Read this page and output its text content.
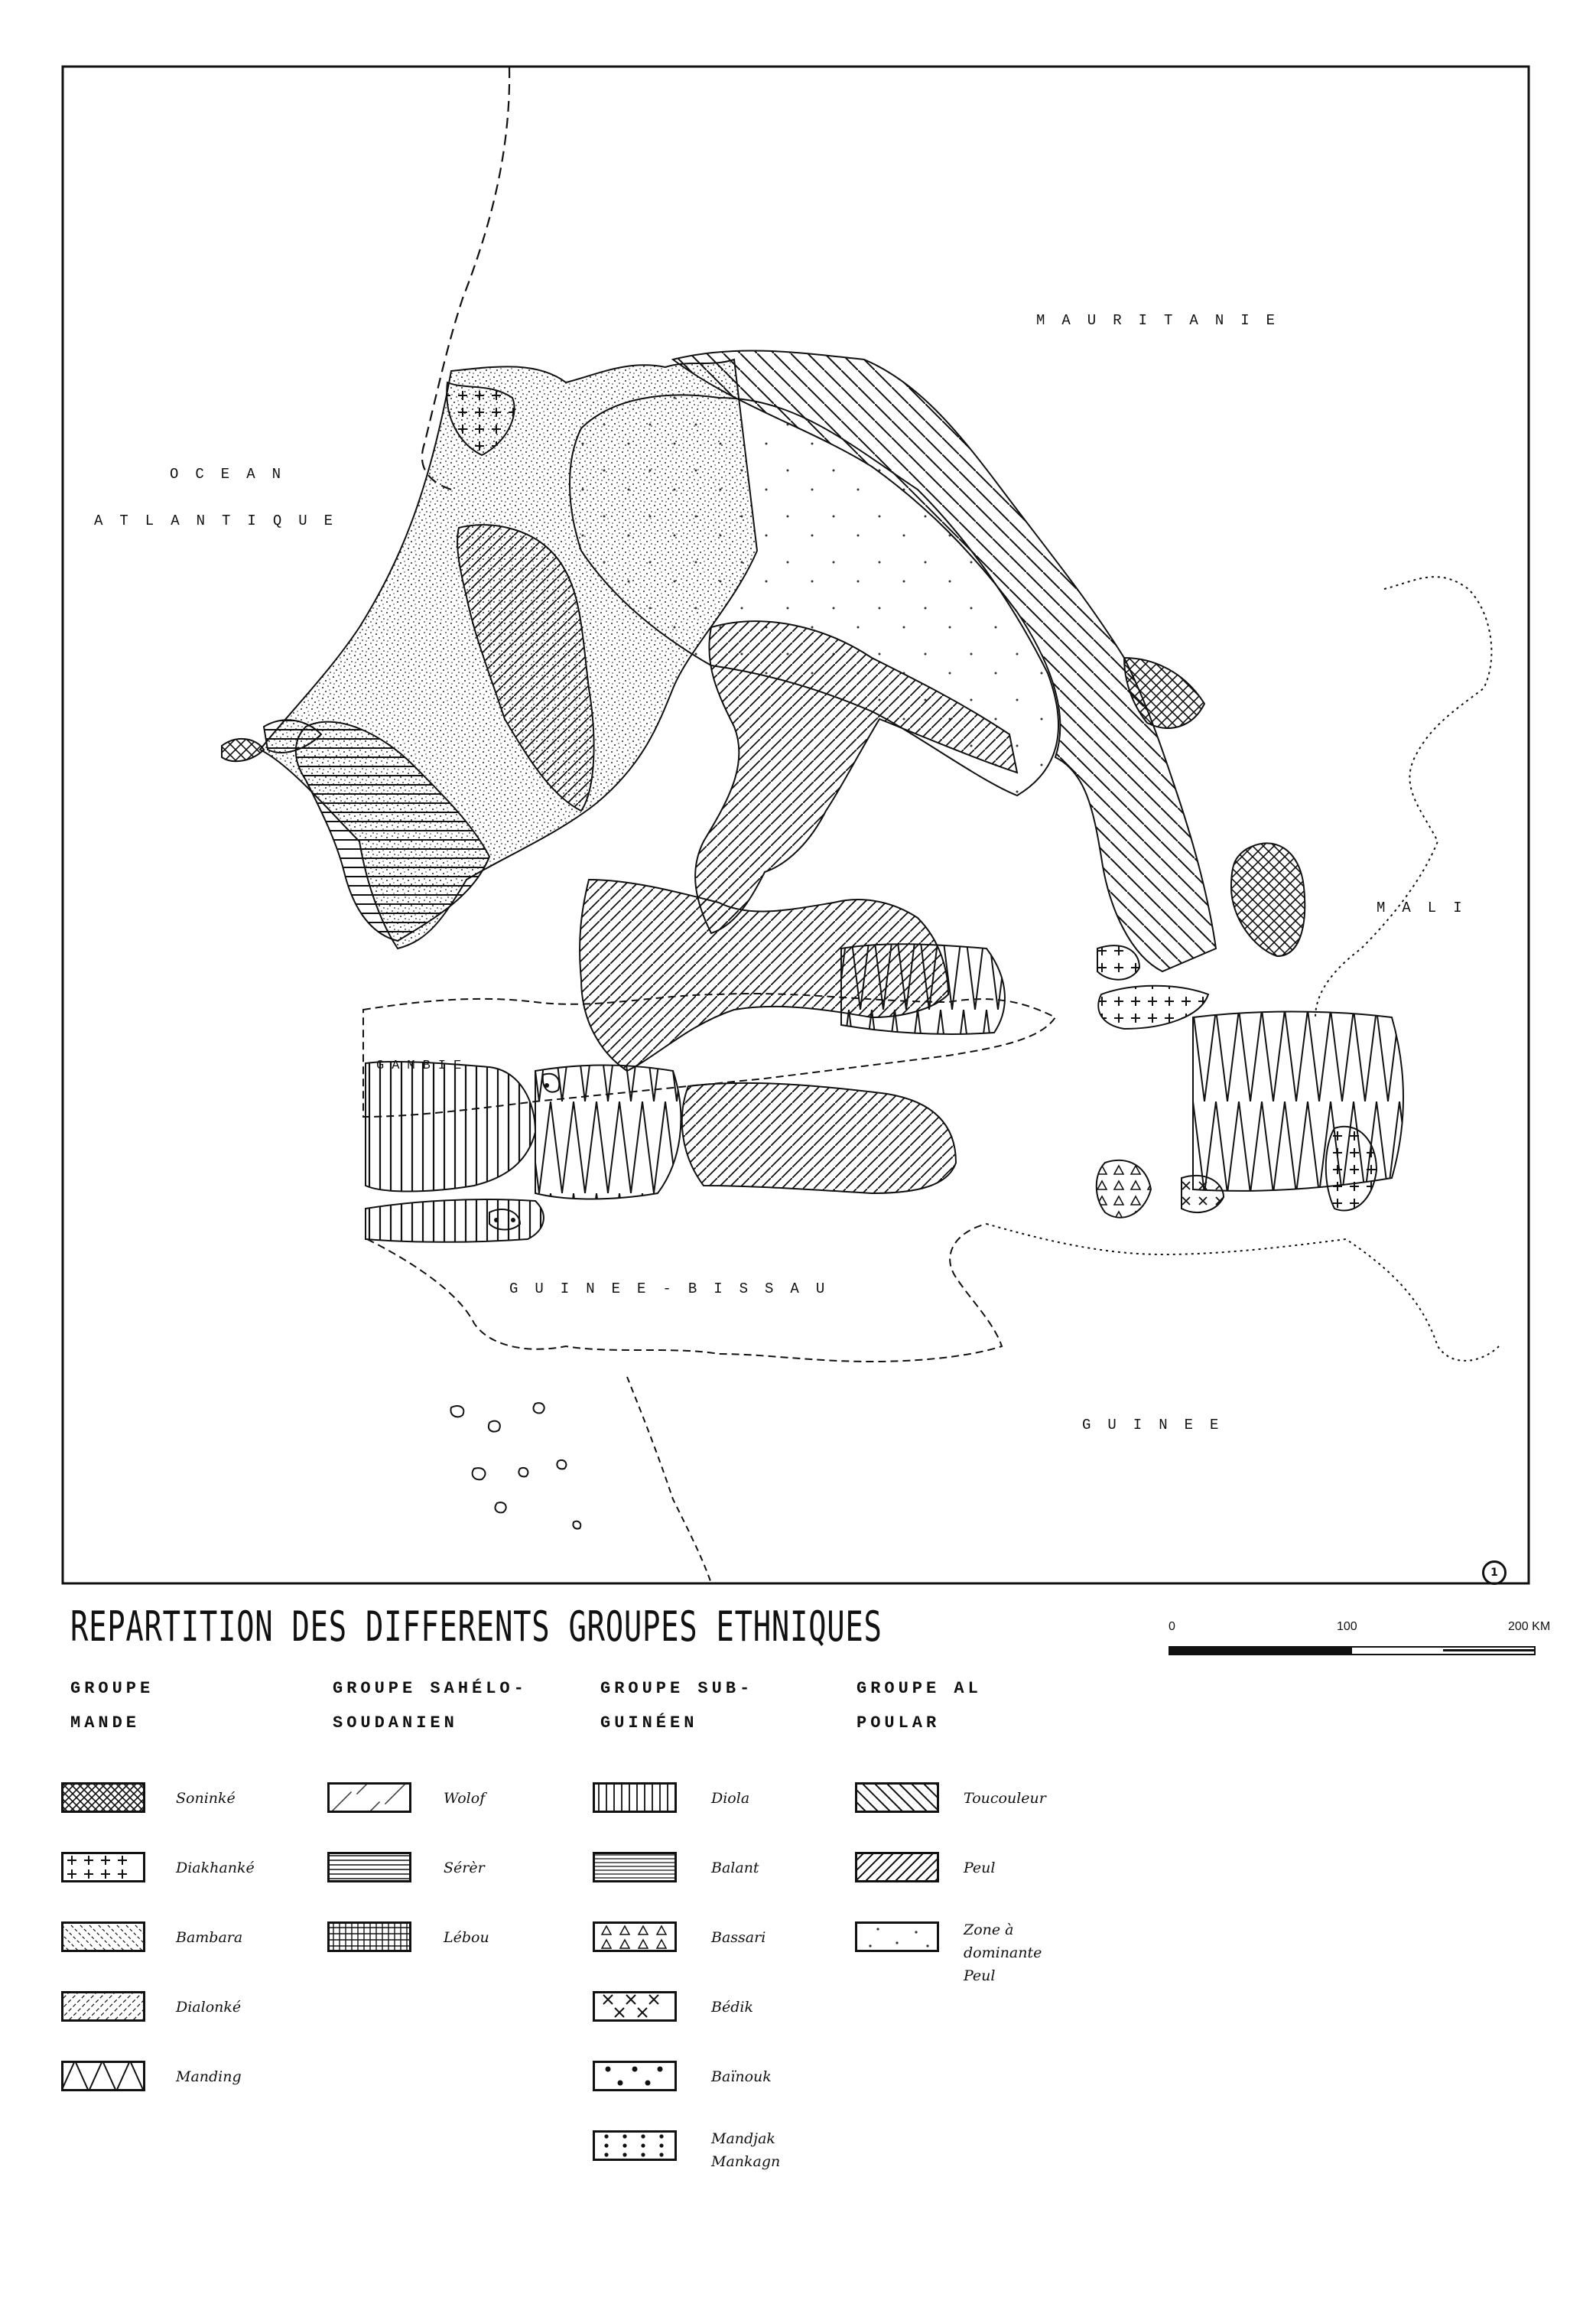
MAURITANIE
OCEAN
ATLANTIQUE
GAMBIE
MALI
GUINEE-BISSAU
GUINEE
1
REPARTITION DES DIFFERENTS GROUPES ETHNIQUES	0	100	200 KM
GROUPE
MANDE
GROUPE SAHÉLO-
SOUDANIEN
GROUPE SUB-
GUINÉEN
GROUPE AL
POULAR
Soninké
Diakhanké
Bambara
Dialonké
Manding
Wolof
Sérèr
Lébou
Diola
Balant
Bassari
Bédik
Baïnouk
Mandjak
Mankagn
Toucouleur
Peul
Zone à
dominante Peul
